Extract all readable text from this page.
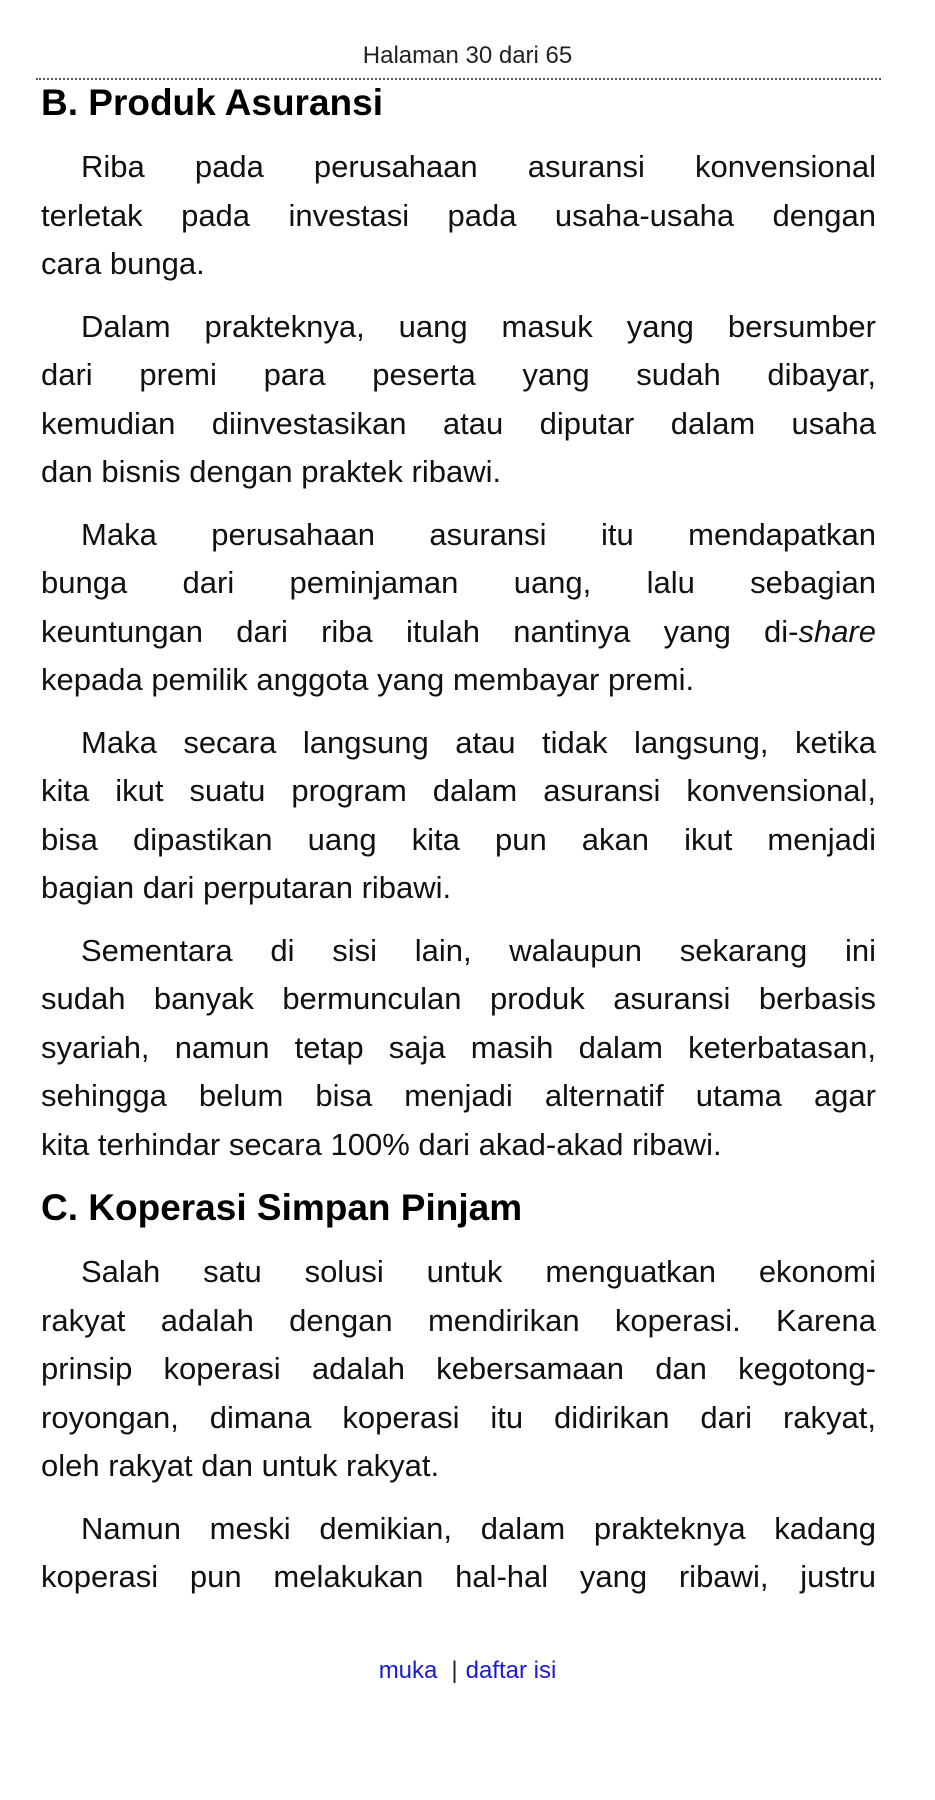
Halaman 30 dari 65
B. Produk Asuransi
Riba pada perusahaan asuransi konvensional
terletak pada investasi pada usaha-usaha dengan
cara bunga.
Dalam prakteknya, uang masuk yang bersumber
dari premi para peserta yang sudah dibayar,
kemudian diinvestasikan atau diputar dalam usaha
dan bisnis dengan praktek ribawi.
Maka perusahaan asuransi itu mendapatkan
bunga dari peminjaman uang, lalu sebagian
keuntungan dari riba itulah nantinya yang di-share
kepada pemilik anggota yang membayar premi.
Maka secara langsung atau tidak langsung, ketika
kita ikut suatu program dalam asuransi konvensional,
bisa dipastikan uang kita pun akan ikut menjadi
bagian dari perputaran ribawi.
Sementara di sisi lain, walaupun sekarang ini
sudah banyak bermunculan produk asuransi berbasis
syariah, namun tetap saja masih dalam keterbatasan,
sehingga belum bisa menjadi alternatif utama agar
kita terhindar secara 100% dari akad-akad ribawi.
C. Koperasi Simpan Pinjam
Salah satu solusi untuk menguatkan ekonomi
rakyat adalah dengan mendirikan koperasi. Karena
prinsip koperasi adalah kebersamaan dan kegotong-
royongan, dimana koperasi itu didirikan dari rakyat,
oleh rakyat dan untuk rakyat.
Namun meski demikian, dalam prakteknya kadang
koperasi pun melakukan hal-hal yang ribawi, justru
muka | daftar isi
